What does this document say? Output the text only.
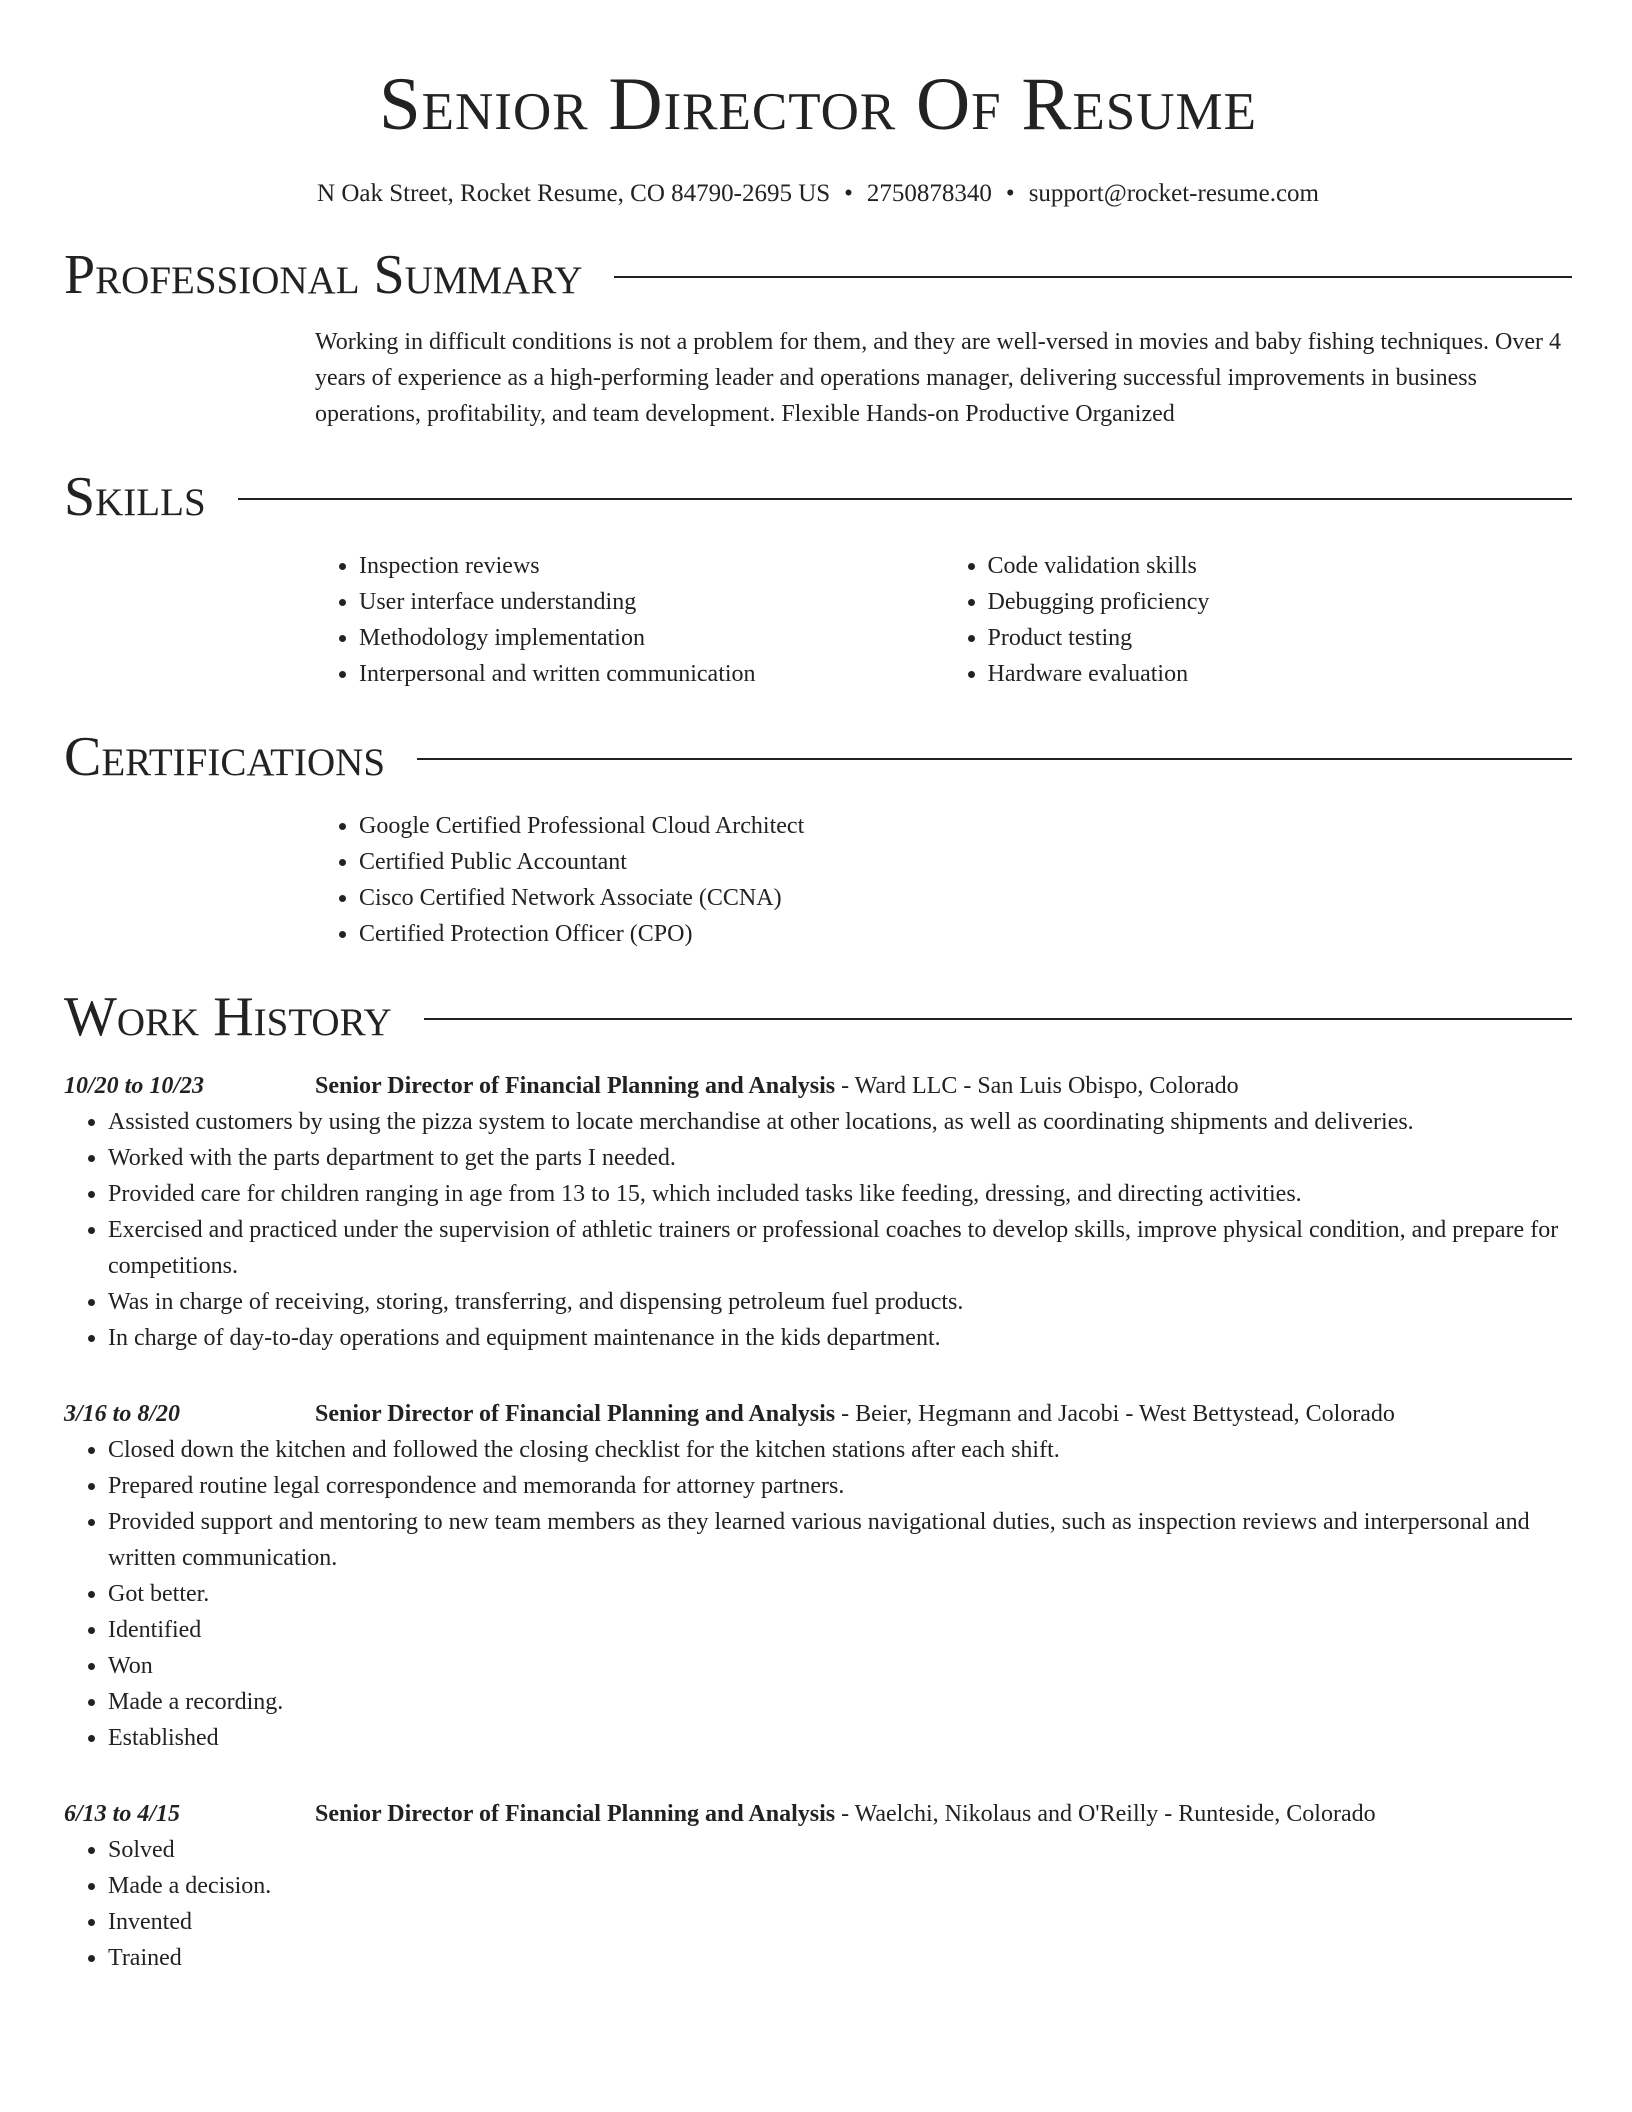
Senior Director Of Resume
N Oak Street, Rocket Resume, CO 84790-2695 US • 2750878340 • support@rocket-resume.com
Professional Summary
Working in difficult conditions is not a problem for them, and they are well-versed in movies and baby fishing techniques. Over 4 years of experience as a high-performing leader and operations manager, delivering successful improvements in business operations, profitability, and team development. Flexible Hands-on Productive Organized
Skills
• Inspection reviews
• User interface understanding
• Methodology implementation
• Interpersonal and written communication
• Code validation skills
• Debugging proficiency
• Product testing
• Hardware evaluation
Certifications
• Google Certified Professional Cloud Architect
• Certified Public Accountant
• Cisco Certified Network Associate (CCNA)
• Certified Protection Officer (CPO)
Work History
10/20 to 10/23	Senior Director of Financial Planning and Analysis - Ward LLC - San Luis Obispo, Colorado
• Assisted customers by using the pizza system to locate merchandise at other locations, as well as coordinating shipments and deliveries.
• Worked with the parts department to get the parts I needed.
• Provided care for children ranging in age from 13 to 15, which included tasks like feeding, dressing, and directing activities.
• Exercised and practiced under the supervision of athletic trainers or professional coaches to develop skills, improve physical condition, and prepare for competitions.
• Was in charge of receiving, storing, transferring, and dispensing petroleum fuel products.
• In charge of day-to-day operations and equipment maintenance in the kids department.
3/16 to 8/20	Senior Director of Financial Planning and Analysis - Beier, Hegmann and Jacobi - West Bettystead, Colorado
• Closed down the kitchen and followed the closing checklist for the kitchen stations after each shift.
• Prepared routine legal correspondence and memoranda for attorney partners.
• Provided support and mentoring to new team members as they learned various navigational duties, such as inspection reviews and interpersonal and written communication.
• Got better.
• Identified
• Won
• Made a recording.
• Established
6/13 to 4/15	Senior Director of Financial Planning and Analysis - Waelchi, Nikolaus and O'Reilly - Runteside, Colorado
• Solved
• Made a decision.
• Invented
• Trained
